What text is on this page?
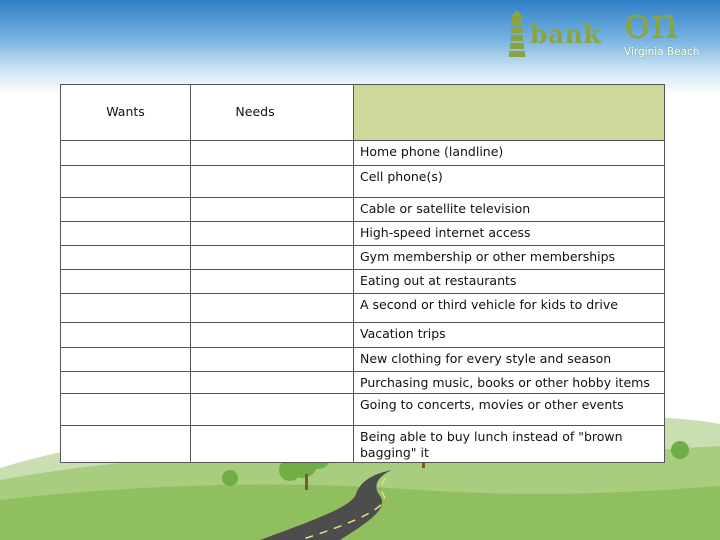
bank on
Virginia Beach
Wants	Needs	
		Home phone (landline)
		Cell phone(s)
		Cable or satellite television
		High-speed internet access
		Gym membership or other memberships
		Eating out at restaurants
		A second or third vehicle for kids to drive
		Vacation trips
		New clothing for every style and season
		Purchasing music, books or other hobby items
		Going to concerts, movies or other events
		Being able to buy lunch instead of "brown bagging" it
